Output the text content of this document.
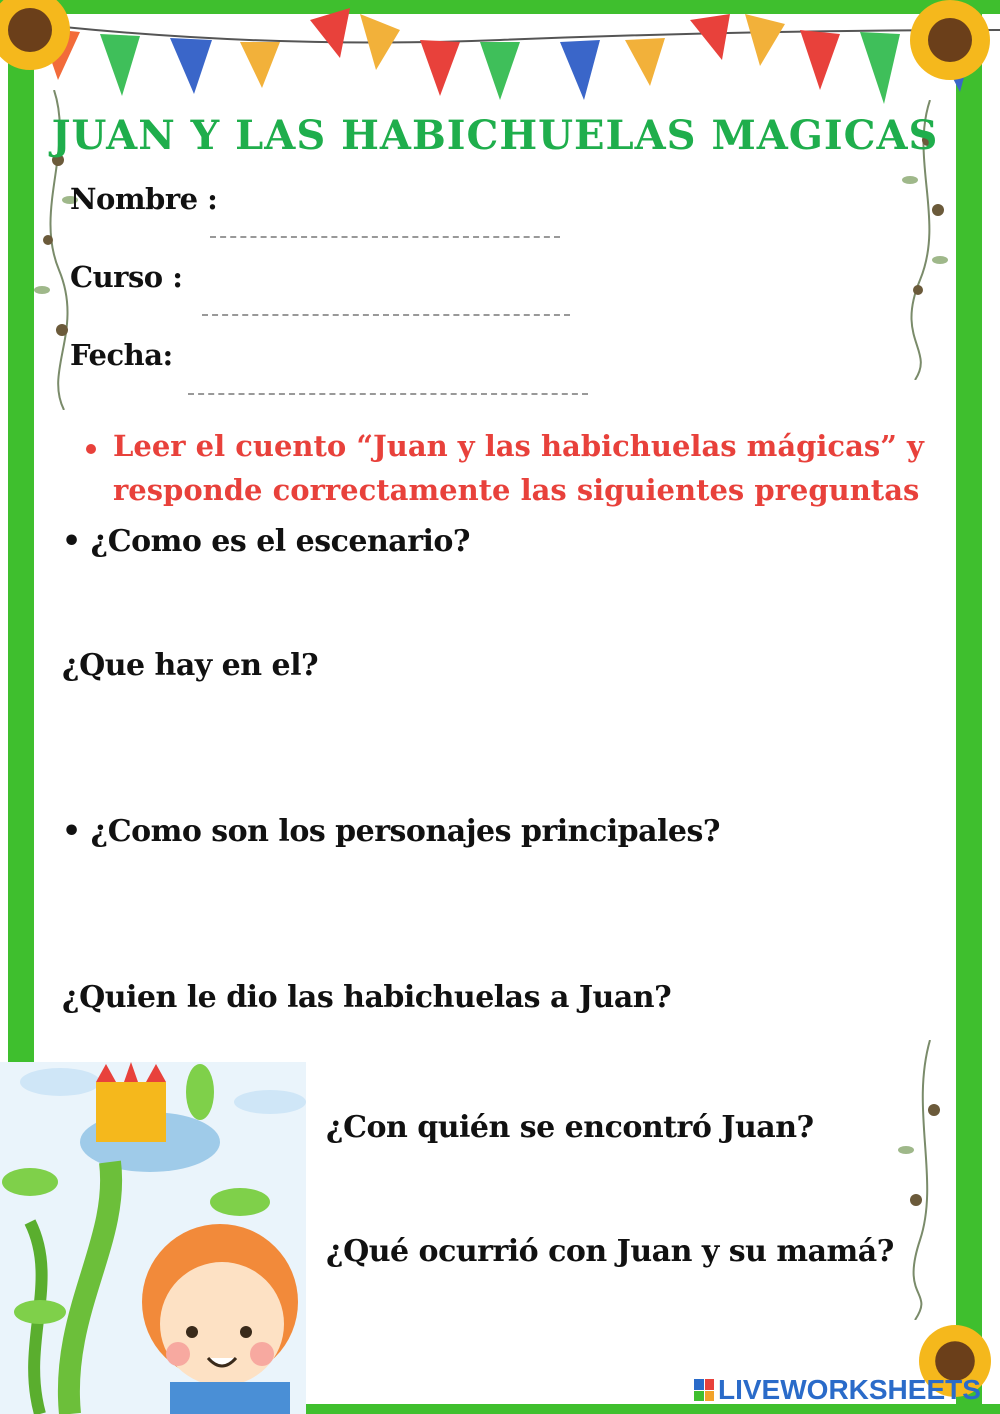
JUAN Y LAS HABICHUELAS MAGICAS
Nombre :
Curso :
Fecha:
Leer el cuento “Juan y las habichuelas mágicas” y responde correctamente las siguientes preguntas
• ¿Como es el escenario?
¿Que hay en el?
• ¿Como son los personajes principales?
¿Quien le dio las habichuelas a Juan?
¿Con quién se encontró Juan?
¿Qué ocurrió con Juan y su mamá?
LIVEWORKSHEETS
